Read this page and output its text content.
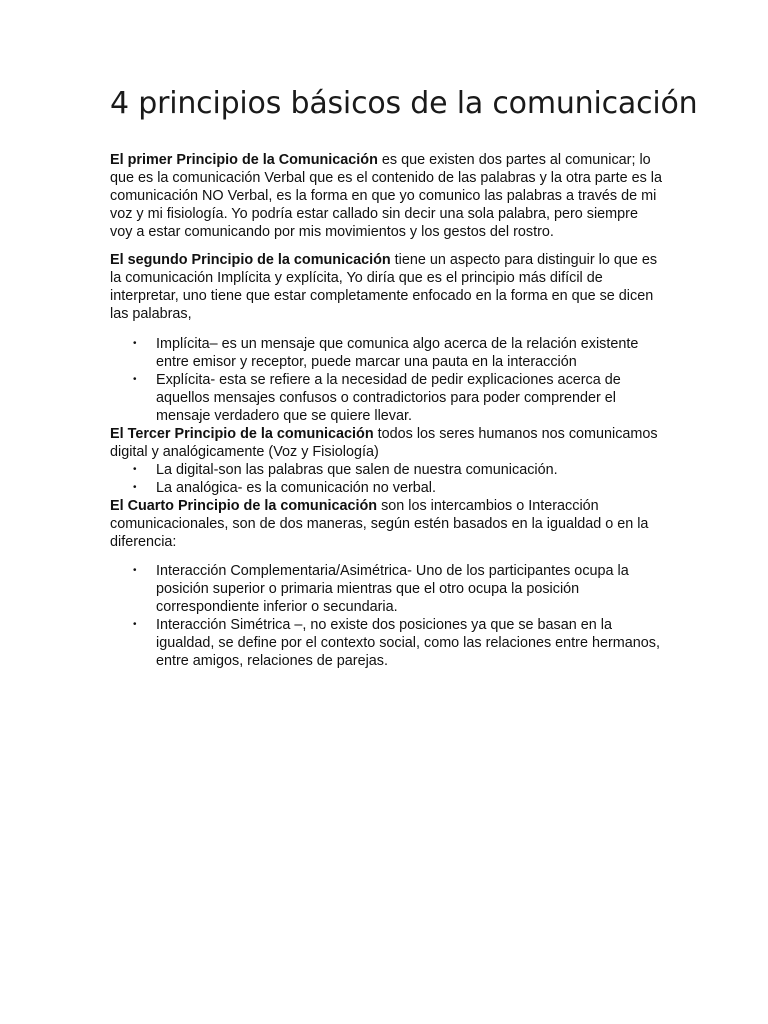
4 principios básicos de la comunicación

El primer Principio de la Comunicación es que existen dos partes al comunicar; lo que es la comunicación Verbal que es el contenido de las palabras y la otra parte es la comunicación NO Verbal, es la forma en que yo comunico las palabras a través de mi voz y mi fisiología. Yo podría estar callado sin decir una sola palabra, pero siempre voy a estar comunicando por mis movimientos y los gestos del rostro.

El segundo Principio de la comunicación tiene un aspecto para distinguir lo que es la comunicación Implícita y explícita, Yo diría que es el principio más difícil de interpretar, uno tiene que estar completamente enfocado en la forma en que se dicen las palabras,

• Implícita– es un mensaje que comunica algo acerca de la relación existente entre emisor y receptor, puede marcar una pauta en la interacción
• Explícita- esta se refiere a la necesidad de pedir explicaciones acerca de aquellos mensajes confusos o contradictorios para poder comprender el mensaje verdadero que se quiere llevar.

El Tercer Principio de la comunicación todos los seres humanos nos comunicamos digital y analógicamente (Voz y Fisiología)

• La digital-son las palabras que salen de nuestra comunicación.
• La analógica- es la comunicación no verbal.

El Cuarto Principio de la comunicación son los intercambios o Interacción comunicacionales, son de dos maneras, según estén basados en la igualdad o en la diferencia:

• Interacción Complementaria/Asimétrica- Uno de los participantes ocupa la posición superior o primaria mientras que el otro ocupa la posición correspondiente inferior o secundaria.
• Interacción Simétrica –, no existe dos posiciones ya que se basan en la igualdad, se define por el contexto social, como las relaciones entre hermanos, entre amigos, relaciones de parejas.
